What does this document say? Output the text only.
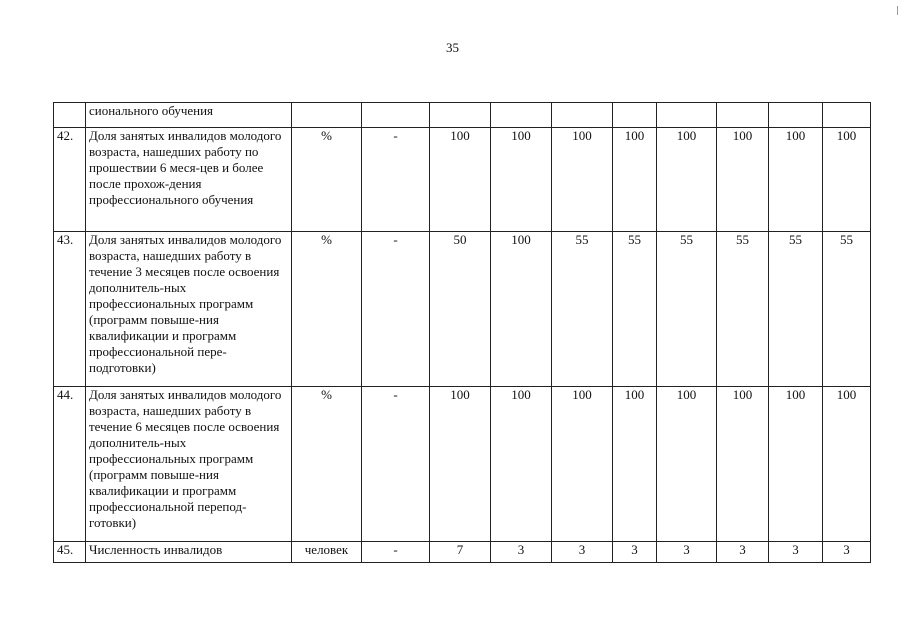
35
	сионального обучения										
42.	Доля занятых инвалидов молодого возраста, нашедших работу по прошествии 6 меся-цев и более после прохож-дения профессионального обучения	%	-	100	100	100	100	100	100	100	100
43.	Доля занятых инвалидов молодого возраста, нашедших работу в течение 3 месяцев после освоения дополнитель-ных профессиональных программ (программ повыше-ния квалификации и программ профессиональной пере-подготовки)	%	-	50	100	55	55	55	55	55	55
44.	Доля занятых инвалидов молодого возраста, нашедших работу в течение 6 месяцев после освоения дополнитель-ных профессиональных программ (программ повыше-ния квалификации и программ профессиональной перепод-готовки)	%	-	100	100	100	100	100	100	100	100
45.	Численность инвалидов	человек	-	7	3	3	3	3	3	3	3
